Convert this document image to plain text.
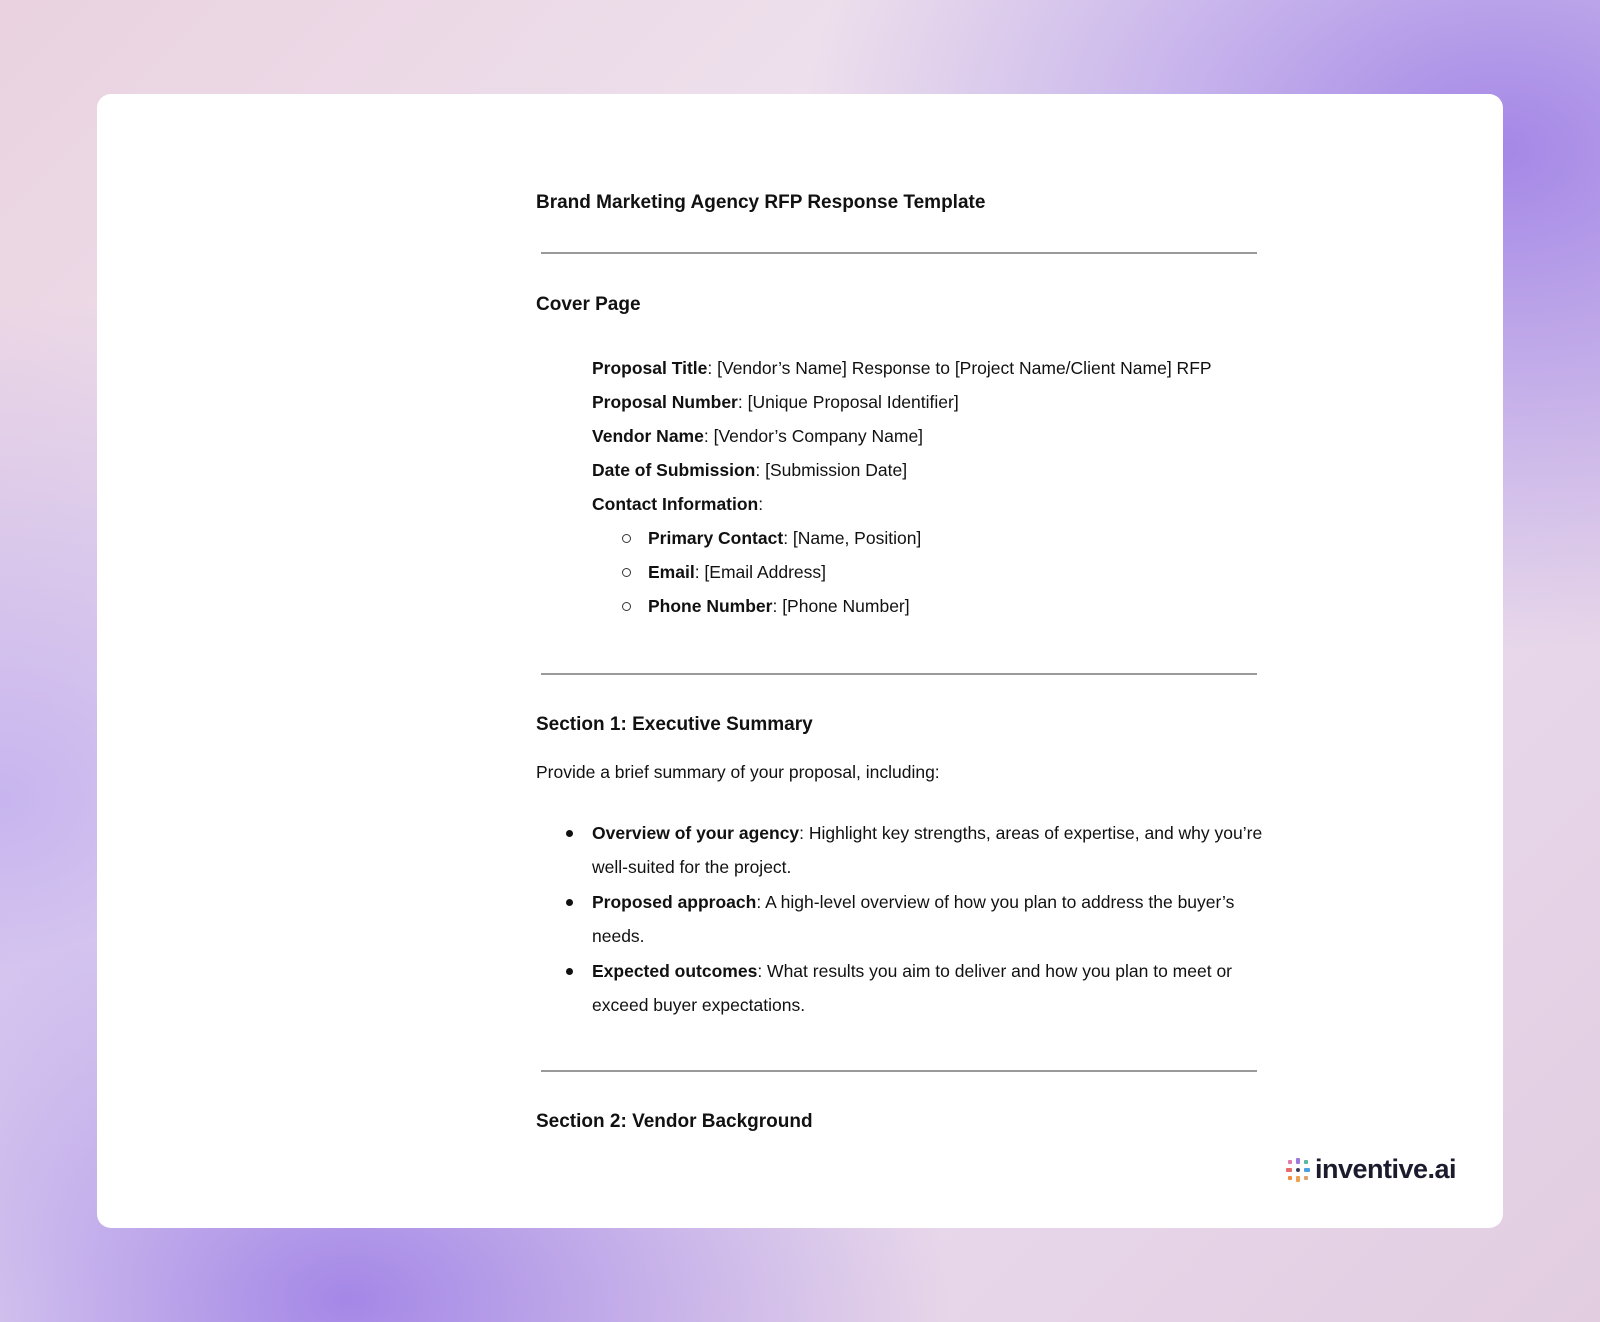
Brand Marketing Agency RFP Response Template
Cover Page
Proposal Title: [Vendor’s Name] Response to [Project Name/Client Name] RFP
Proposal Number: [Unique Proposal Identifier]
Vendor Name: [Vendor’s Company Name]
Date of Submission: [Submission Date]
Contact Information:
Primary Contact: [Name, Position]
Email: [Email Address]
Phone Number: [Phone Number]
Section 1: Executive Summary
Provide a brief summary of your proposal, including:
Overview of your agency: Highlight key strengths, areas of expertise, and why you’re well-suited for the project.
Proposed approach: A high-level overview of how you plan to address the buyer’s needs.
Expected outcomes: What results you aim to deliver and how you plan to meet or exceed buyer expectations.
Section 2: Vendor Background
inventive.ai
